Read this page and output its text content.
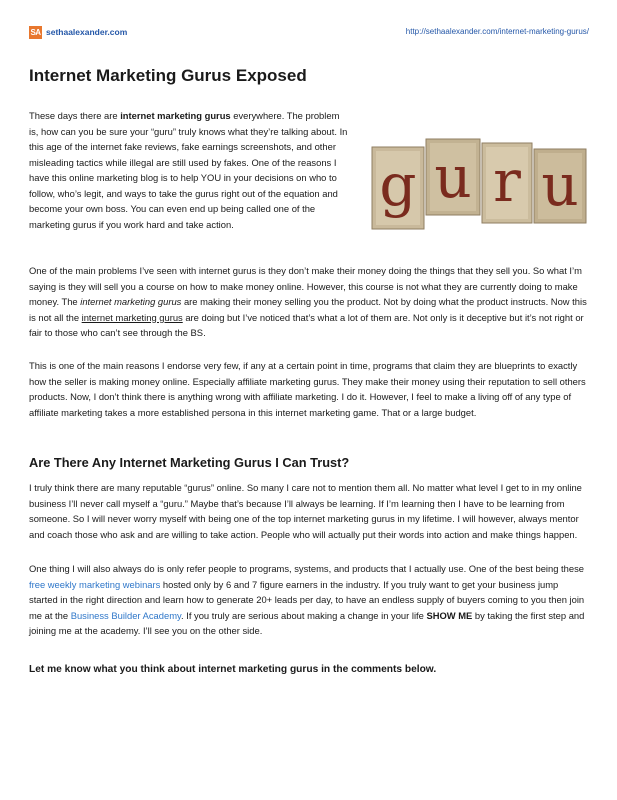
SA sethaalexander.com	http://sethaalexander.com/internet-marketing-gurus/
Internet Marketing Gurus Exposed

These days there are internet marketing gurus everywhere. The problem is, how can you be sure your “guru” truly knows what they’re talking about. In this age of the internet fake reviews, fake earnings screenshots, and other misleading tactics while illegal are still used by fakes. One of the reasons I have this online marketing blog is to help YOU in your decisions on who to follow, who’s legit, and ways to take the gurus right out of the equation and become your own boss. You can even end up being called one of the marketing gurus if you work hard and take action.

g u r u

One of the main problems I’ve seen with internet gurus is they don’t make their money doing the things that they sell you. So what I’m saying is they will sell you a course on how to make money online. However, this course is not what they are currently doing to make money. The internet marketing gurus are making their money selling you the product. Not by doing what the product instructs. Now this is not all the internet marketing gurus are doing but I’ve noticed that’s what a lot of them are. Not only is it deceptive but it’s not right or fair to those who can’t see through the BS.

This is one of the main reasons I endorse very few, if any at a certain point in time, programs that claim they are blueprints to exactly how the seller is making money online. Especially affiliate marketing gurus. They make their money using their reputation to sell others products. Now, I don’t think there is anything wrong with affiliate marketing. I do it. However, I feel to make a living off of any type of affiliate marketing takes a more established persona in this internet marketing game. That or a large budget.

Are There Any Internet Marketing Gurus I Can Trust?

I truly think there are many reputable “gurus” online. So many I care not to mention them all. No matter what level I get to in my online business I’ll never call myself a “guru.” Maybe that’s because I’ll always be learning. If I’m learning then I have to be learning from someone. So I will never worry myself with being one of the top internet marketing gurus in my lifetime. I will however, always mentor and coach those who ask and are willing to take action. People who will actually put their words into action and make things happen.

One thing I will also always do is only refer people to programs, systems, and products that I actually use. One of the best being these free weekly marketing webinars hosted only by 6 and 7 figure earners in the industry. If you truly want to get your business jump started in the right direction and learn how to generate 20+ leads per day, to have an endless supply of buyers coming to you then join me at the Business Builder Academy. If you truly are serious about making a change in your life SHOW ME by taking the first step and joining me at the academy. I’ll see you on the other side.

Let me know what you think about internet marketing gurus in the comments below.
